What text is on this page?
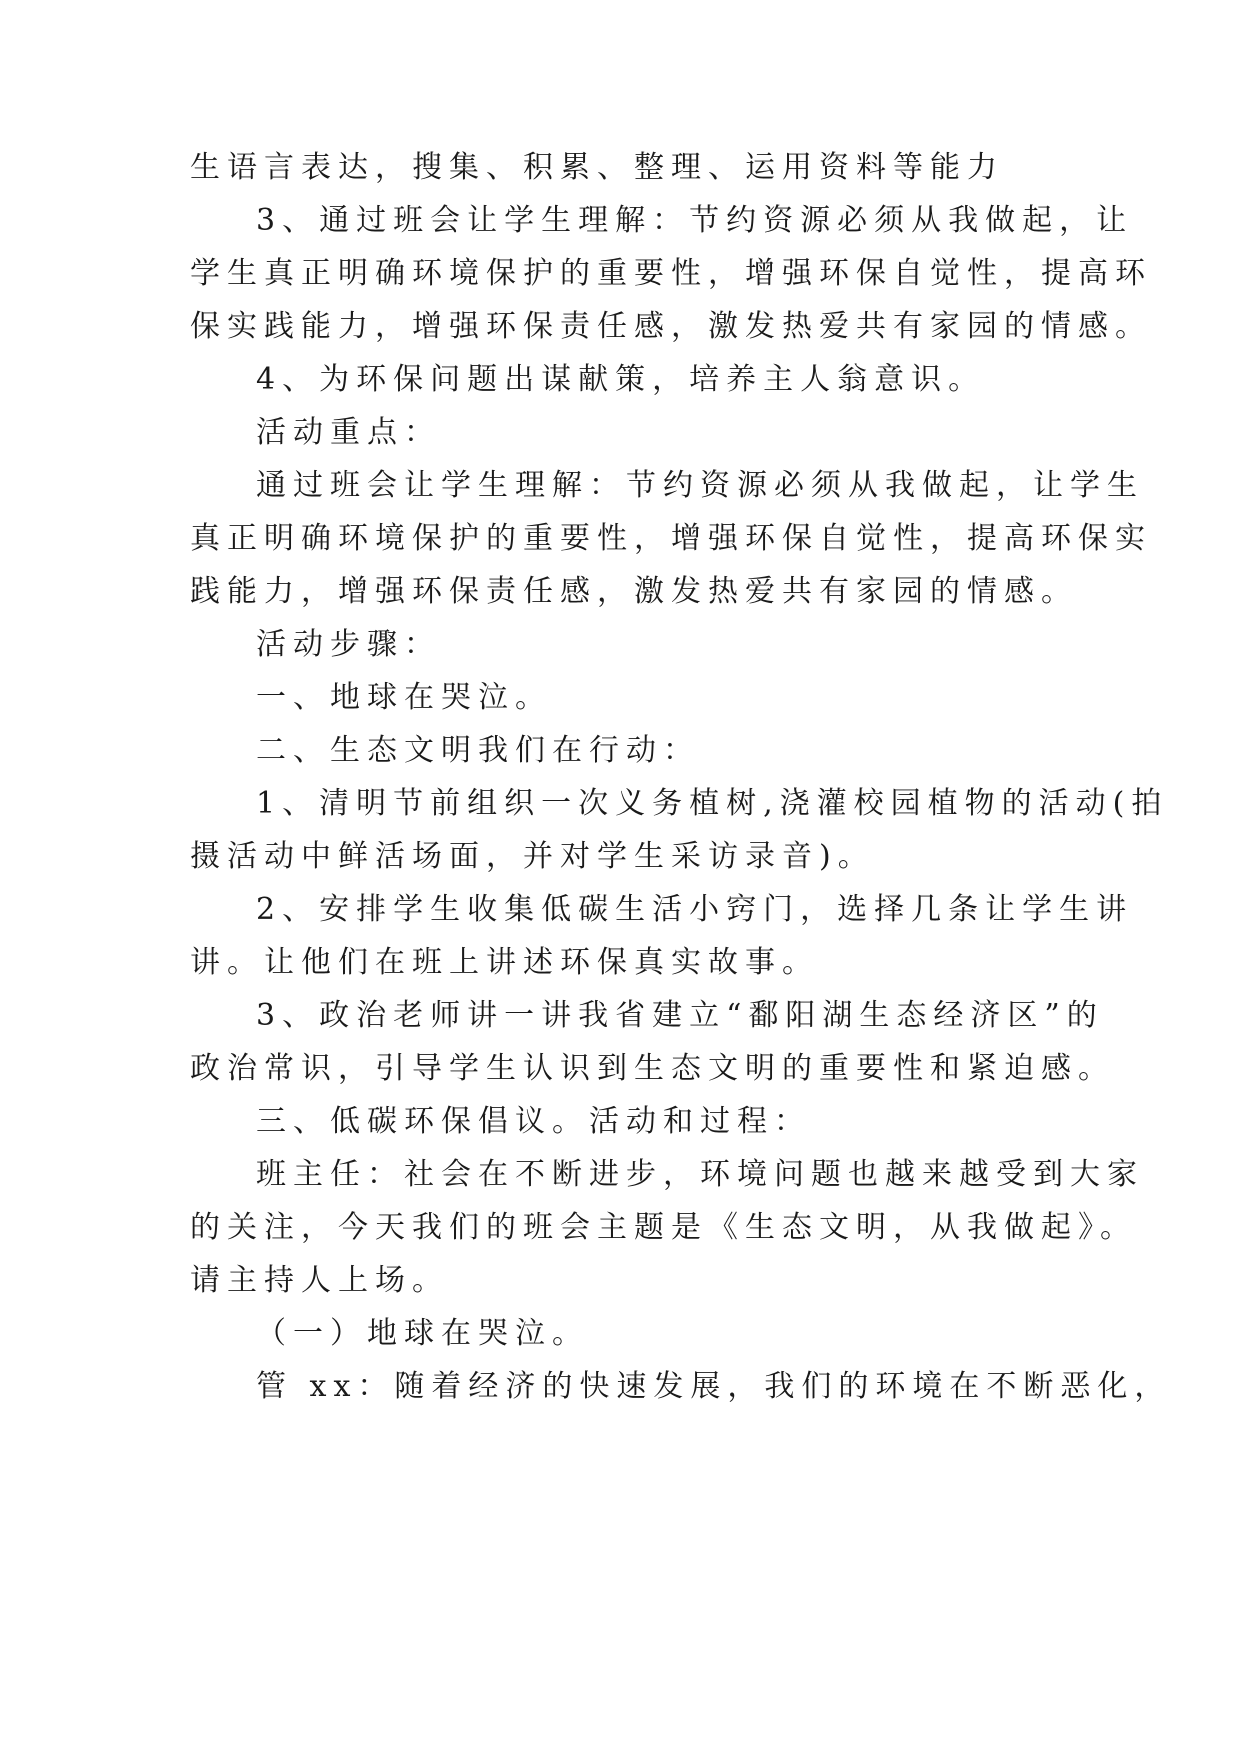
生语言表达，搜集、积累、整理、运用资料等能力
3、通过班会让学生理解：节约资源必须从我做起，让
学生真正明确环境保护的重要性，增强环保自觉性，提高环
保实践能力，增强环保责任感，激发热爱共有家园的情感。
4、为环保问题出谋献策，培养主人翁意识。
活动重点：
通过班会让学生理解：节约资源必须从我做起，让学生
真正明确环境保护的重要性，增强环保自觉性，提高环保实
践能力，增强环保责任感，激发热爱共有家园的情感。
活动步骤：
一、地球在哭泣。
二、生态文明我们在行动：
1、清明节前组织一次义务植树,浇灌校园植物的活动(拍
摄活动中鲜活场面，并对学生采访录音)。
2、安排学生收集低碳生活小窍门，选择几条让学生讲
讲。让他们在班上讲述环保真实故事。
3、政治老师讲一讲我省建立“鄱阳湖生态经济区”的
政治常识，引导学生认识到生态文明的重要性和紧迫感。
三、低碳环保倡议。活动和过程：
班主任：社会在不断进步，环境问题也越来越受到大家
的关注，今天我们的班会主题是《生态文明，从我做起》。
请主持人上场。
（一）地球在哭泣。
管 xx：随着经济的快速发展，我们的环境在不断恶化，
